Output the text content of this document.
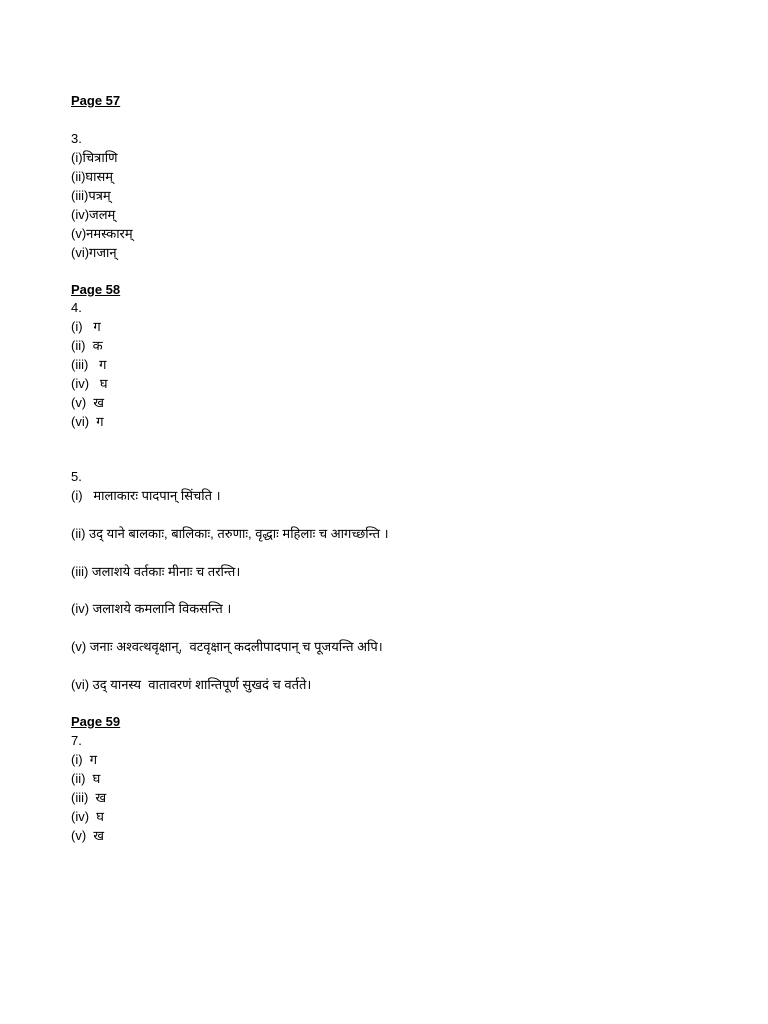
Page 57
3.
(i)चित्राणि
(ii)घासम्
(iii)पत्रम्
(iv)जलम्
(v)नमस्कारम्
(vi)गजान्
Page 58
4.
(i)   ग
(ii)  क
(iii)   ग
(iv)   घ
(v)  ख
(vi)  ग
5.
(i)   मालाकारः पादपान् सिंचति ।
(ii) उद् याने बालकाः, बालिकाः, तरुणाः, वृद्धाः महिलाः च आगच्छन्ति ।
(iii) जलाशये वर्तकाः मीनाः च तरन्ति।
(iv) जलाशये कमलानि विकसन्ति ।
(v) जनाः अश्वत्थवृक्षान्,  वटवृक्षान् कदलीपादपान् च पूजयन्ति अपि।
(vi) उद् यानस्य  वातावरणं शान्तिपूर्ण सुखदं च वर्तते।
Page 59
7.
(i)  ग
(ii)  घ
(iii)  ख
(iv)  घ
(v)  ख
